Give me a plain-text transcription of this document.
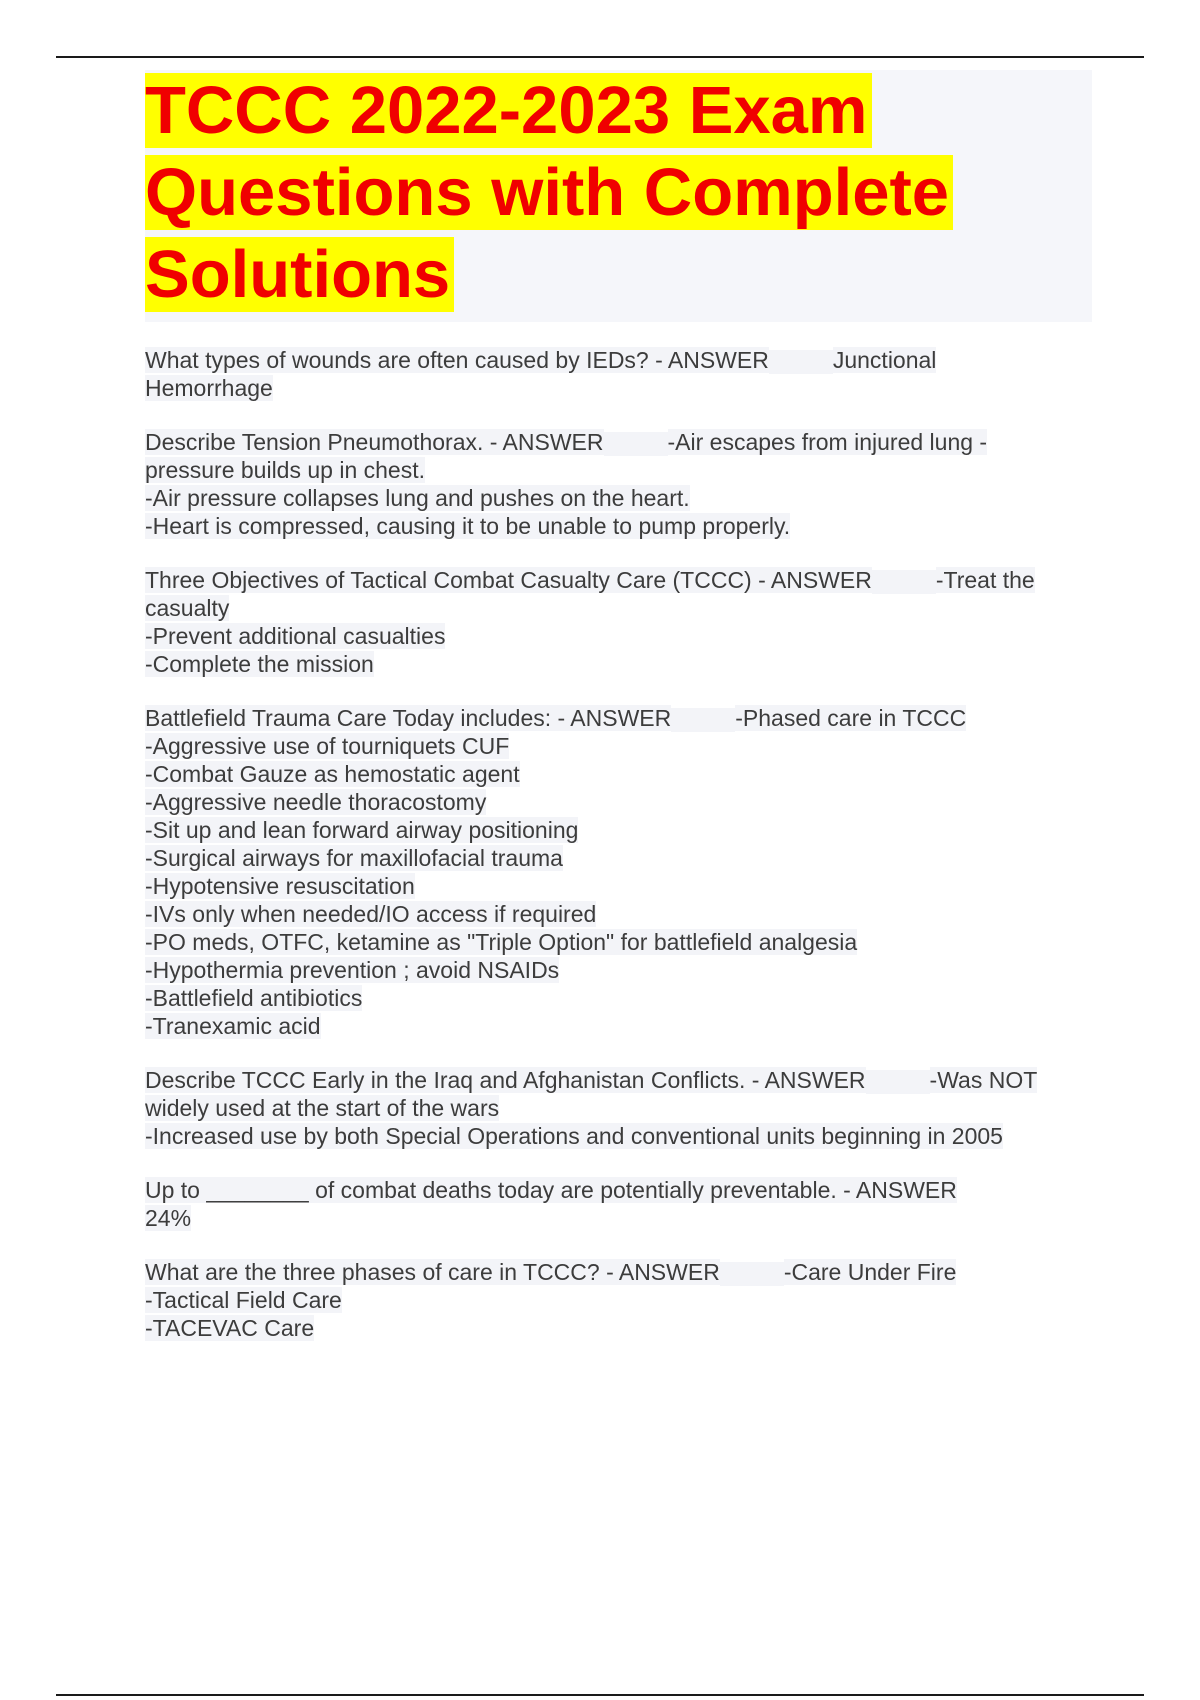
TCCC 2022-2023 Exam
Questions with Complete
Solutions
What types of wounds are often caused by IEDs? - ANSWER	Junctional
Hemorrhage
Describe Tension Pneumothorax. - ANSWER	-Air escapes from injured lung -
pressure builds up in chest.
-Air pressure collapses lung and pushes on the heart.
-Heart is compressed, causing it to be unable to pump properly.
Three Objectives of Tactical Combat Casualty Care (TCCC) - ANSWER	-Treat the
casualty
-Prevent additional casualties
-Complete the mission
Battlefield Trauma Care Today includes: - ANSWER	-Phased care in TCCC
-Aggressive use of tourniquets CUF
-Combat Gauze as hemostatic agent
-Aggressive needle thoracostomy
-Sit up and lean forward airway positioning
-Surgical airways for maxillofacial trauma
-Hypotensive resuscitation
-IVs only when needed/IO access if required
-PO meds, OTFC, ketamine as "Triple Option" for battlefield analgesia
-Hypothermia prevention ; avoid NSAIDs
-Battlefield antibiotics
-Tranexamic acid
Describe TCCC Early in the Iraq and Afghanistan Conflicts. - ANSWER	-Was NOT
widely used at the start of the wars
-Increased use by both Special Operations and conventional units beginning in 2005
Up to ________ of combat deaths today are potentially preventable. - ANSWER
24%
What are the three phases of care in TCCC? - ANSWER	-Care Under Fire
-Tactical Field Care
-TACEVAC Care
